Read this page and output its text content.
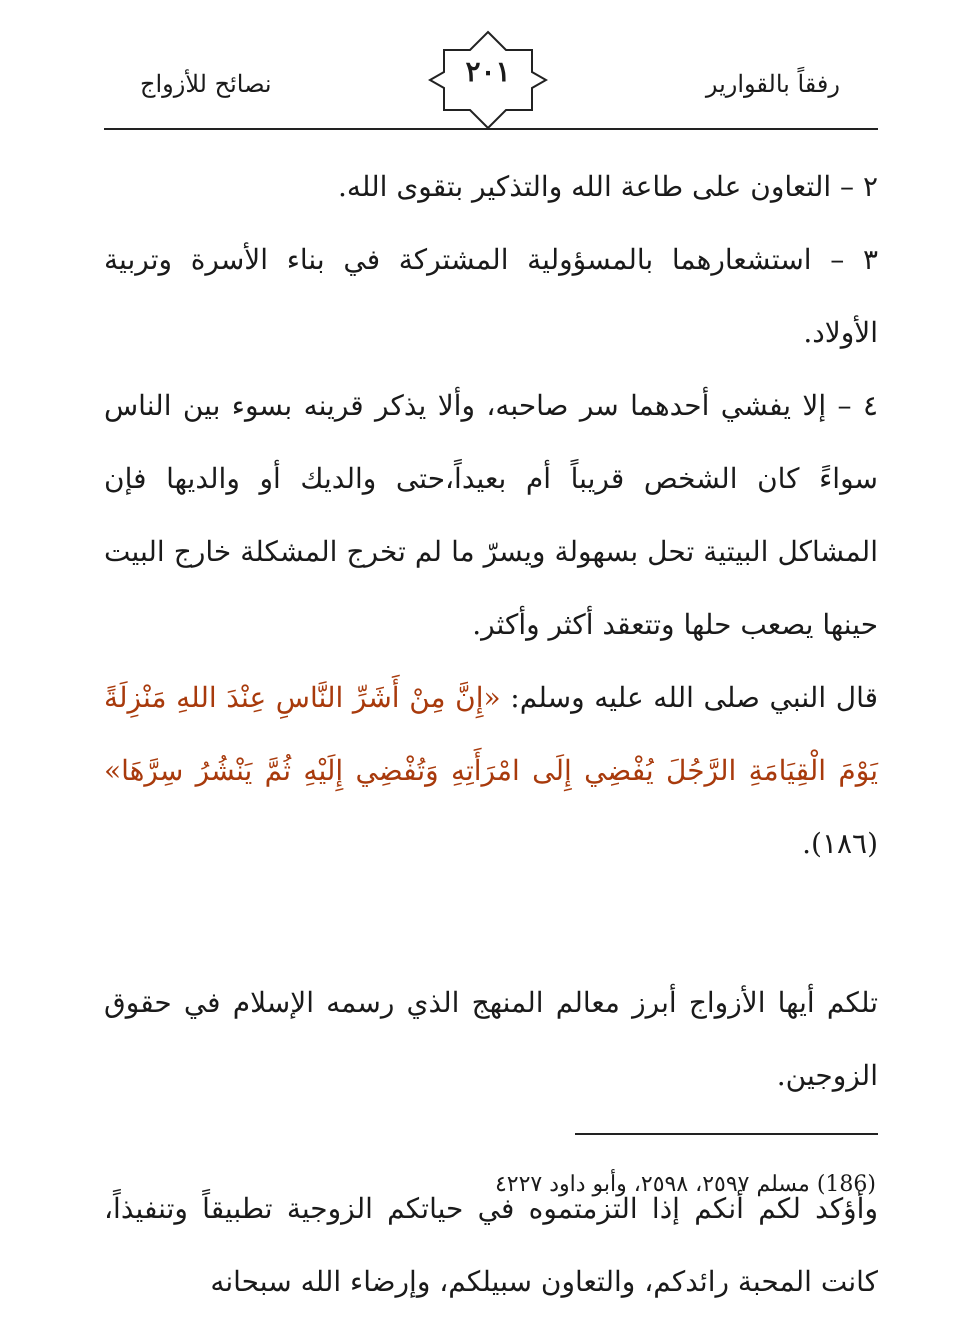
رفقاً بالقوارير
٢٠١
نصائح للأزواج

٢ – التعاون على طاعة الله والتذكير بتقوى الله.

٣ – استشعارهما بالمسؤولية المشتركة في بناء الأسرة وتربية الأولاد.

٤ – إلا يفشي أحدهما سر صاحبه، وألا يذكر قرينه بسوء بين الناس سواءً كان الشخص قريباً أم بعيداً،حتى والديك أو والديها فإن المشاكل البيتية تحل بسهولة ويسرّ ما لم تخرج المشكلة خارج البيت حينها يصعب حلها وتتعقد أكثر وأكثر.

قال النبي صلى الله عليه وسلم: «إِنَّ مِنْ أَشَرِّ النَّاسِ عِنْدَ اللهِ مَنْزِلَةً يَوْمَ الْقِيَامَةِ الرَّجُلَ يُفْضِي إِلَى امْرَأَتِهِ وَتُفْضِي إِلَيْهِ ثُمَّ يَنْشُرُ سِرَّهَا» (١٨٦).

تلكم أيها الأزواج أبرز معالم المنهج الذي رسمه الإسلام في حقوق الزوجين.

وأؤكد لكم أنكم إذا التزمتموه في حياتكم الزوجية تطبيقاً وتنفيذاً، كانت المحبة رائدكم، والتعاون سبيلكم، وإرضاء الله سبحانه

(186) مسلم ٢٥٩٧، ٢٥٩٨، وأبو داود ٤٢٢٧
